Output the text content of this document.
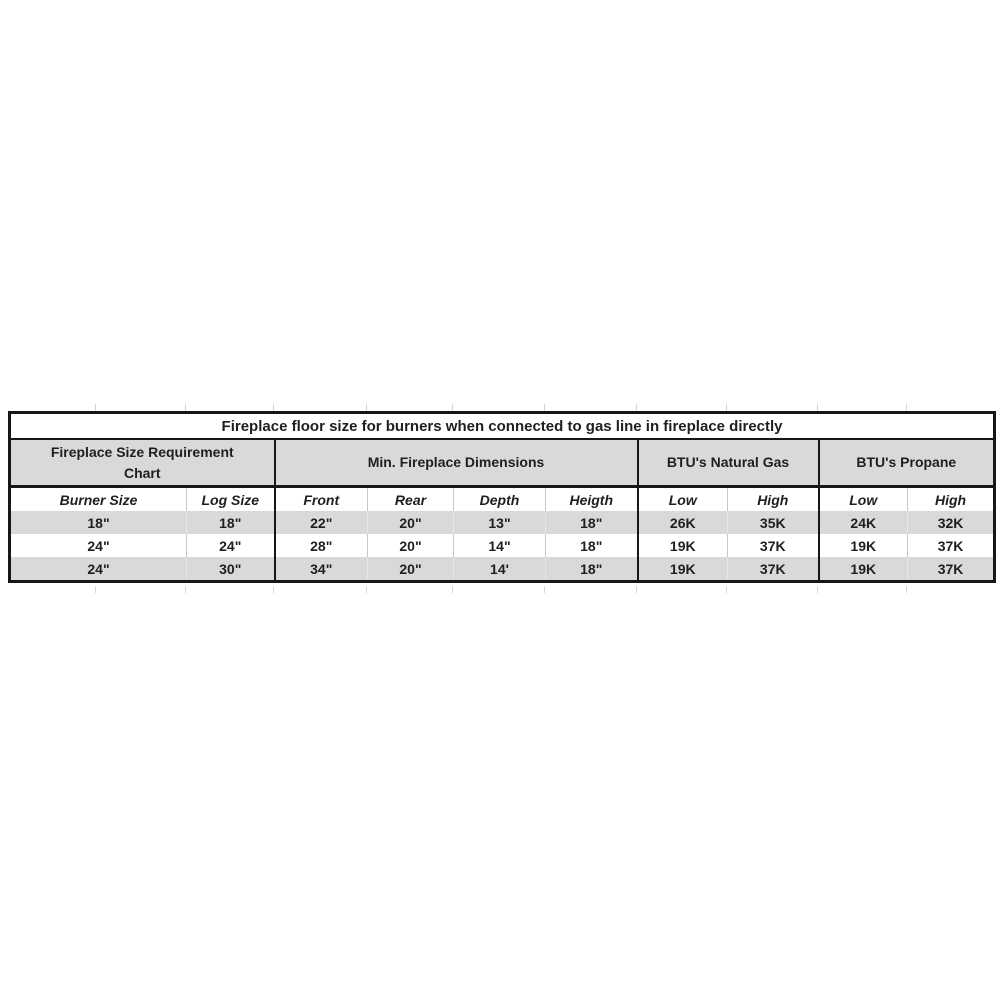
Fireplace floor size for burners when connected to gas line in fireplace directly									

Fireplace Size Requirement
Chart		Min. Fireplace Dimensions				BTU's Natural Gas		BTU's Propane	
Burner Size	Log Size	Front	Rear	Depth	Heigth	Low	High	Low	High
18"	18"	22"	20"	13"	18"	26K	35K	24K	32K
24"	24"	28"	20"	14"	18"	19K	37K	19K	37K
24"	30"	34"	20"	14'	18"	19K	37K	19K	37K
